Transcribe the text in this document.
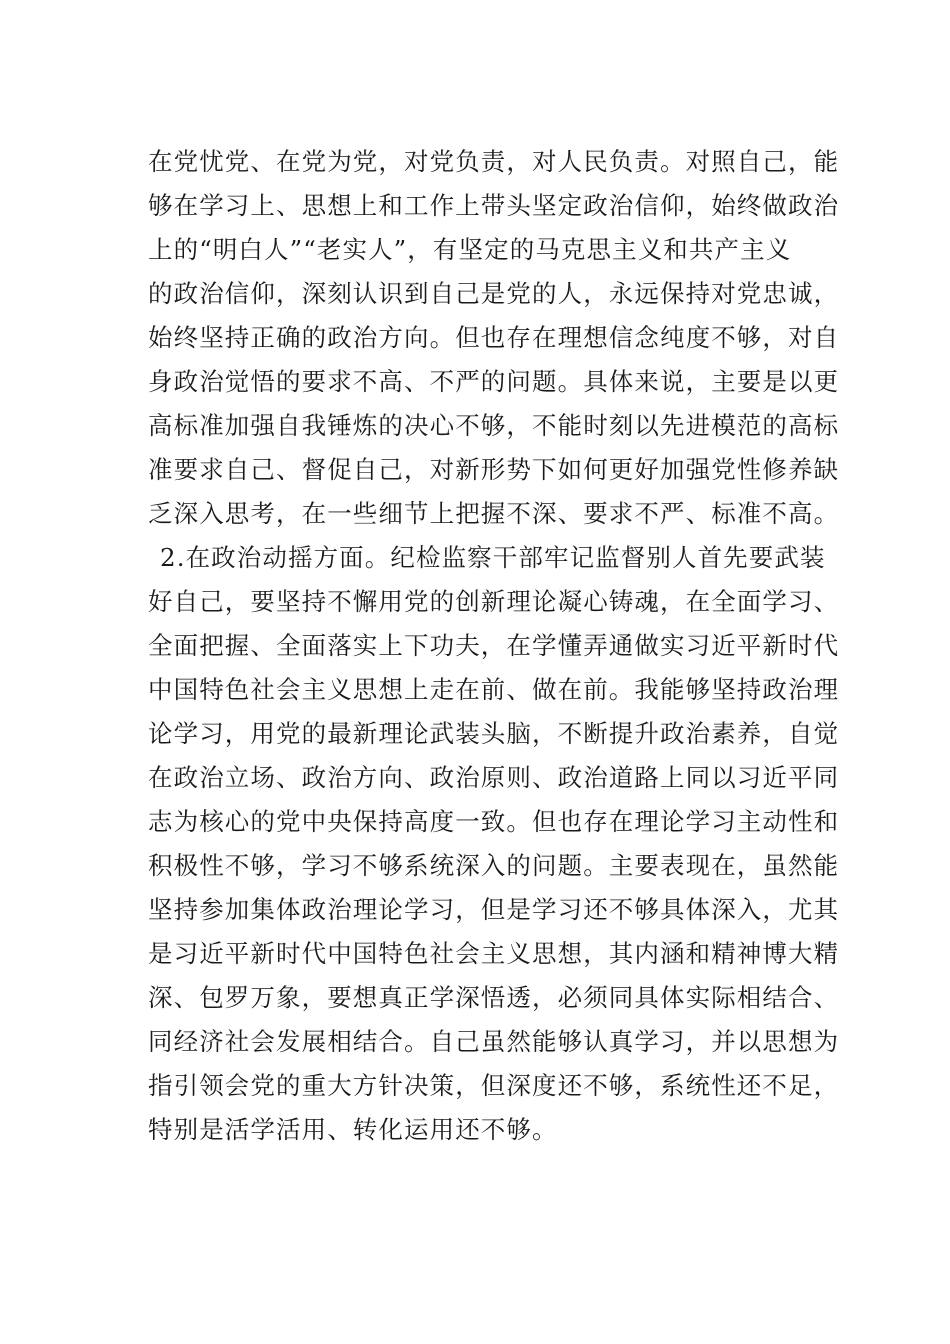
在党忧党、在党为党，对党负责，对人民负责。对照自己，能
够在学习上、思想上和工作上带头坚定政治信仰，始终做政治
上的“明白人”“老实人”，有坚定的马克思主义和共产主义
的政治信仰，深刻认识到自己是党的人，永远保持对党忠诚，
始终坚持正确的政治方向。但也存在理想信念纯度不够，对自
身政治觉悟的要求不高、不严的问题。具体来说，主要是以更
高标准加强自我锤炼的决心不够，不能时刻以先进模范的高标
准要求自己、督促自己，对新形势下如何更好加强党性修养缺
乏深入思考，在一些细节上把握不深、要求不严、标准不高。
2.在政治动摇方面。纪检监察干部牢记监督别人首先要武装
好自己，要坚持不懈用党的创新理论凝心铸魂，在全面学习、
全面把握、全面落实上下功夫，在学懂弄通做实习近平新时代
中国特色社会主义思想上走在前、做在前。我能够坚持政治理
论学习，用党的最新理论武装头脑，不断提升政治素养，自觉
在政治立场、政治方向、政治原则、政治道路上同以习近平同
志为核心的党中央保持高度一致。但也存在理论学习主动性和
积极性不够，学习不够系统深入的问题。主要表现在，虽然能
坚持参加集体政治理论学习，但是学习还不够具体深入，尤其
是习近平新时代中国特色社会主义思想，其内涵和精神博大精
深、包罗万象，要想真正学深悟透，必须同具体实际相结合、
同经济社会发展相结合。自己虽然能够认真学习，并以思想为
指引领会党的重大方针决策，但深度还不够，系统性还不足，
特别是活学活用、转化运用还不够。
